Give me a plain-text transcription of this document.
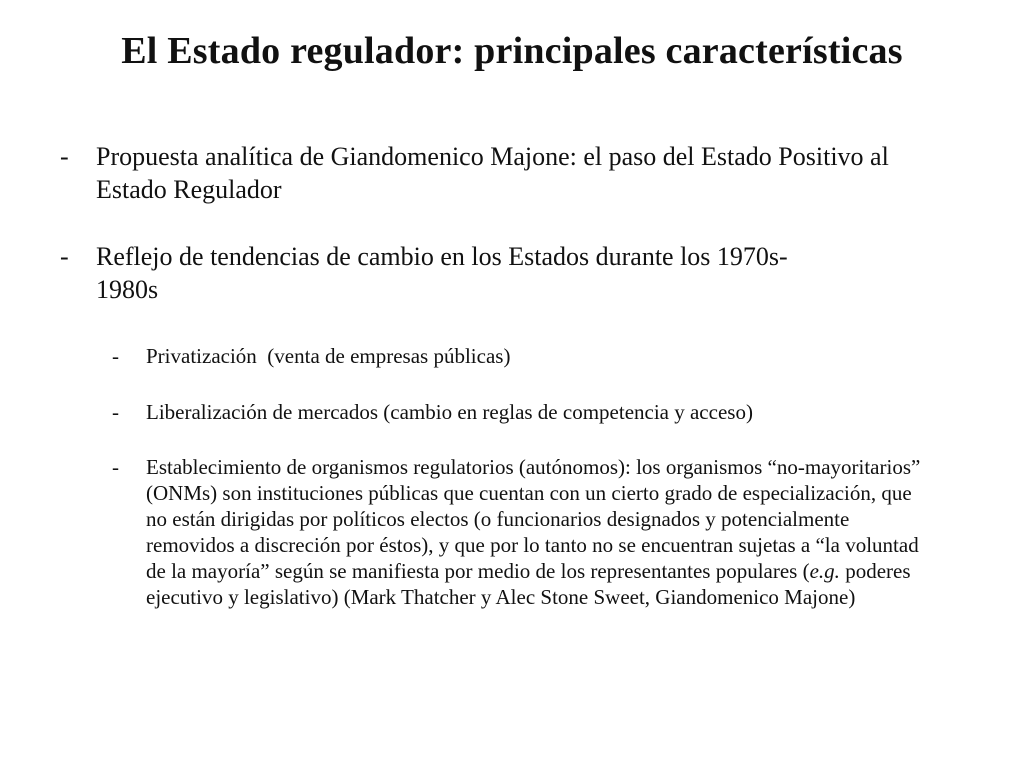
El Estado regulador: principales características
-	Propuesta analítica de Giandomenico Majone: el paso del Estado Positivo al Estado Regulador
-	Reflejo de tendencias de cambio en los Estados durante los 1970s-
1980s
-	Privatización  (venta de empresas públicas)
-	Liberalización de mercados (cambio en reglas de competencia y acceso)
-	Establecimiento de organismos regulatorios (autónomos): los organismos “no-mayoritarios” (ONMs) son instituciones públicas que cuentan con un cierto grado de especialización, que no están dirigidas por políticos electos (o funcionarios designados y potencialmente removidos a discreción por éstos), y que por lo tanto no se encuentran sujetas a “la voluntad de la mayoría” según se manifiesta por medio de los representantes populares (e.g. poderes ejecutivo y legislativo) (Mark Thatcher y Alec Stone Sweet, Giandomenico Majone)
